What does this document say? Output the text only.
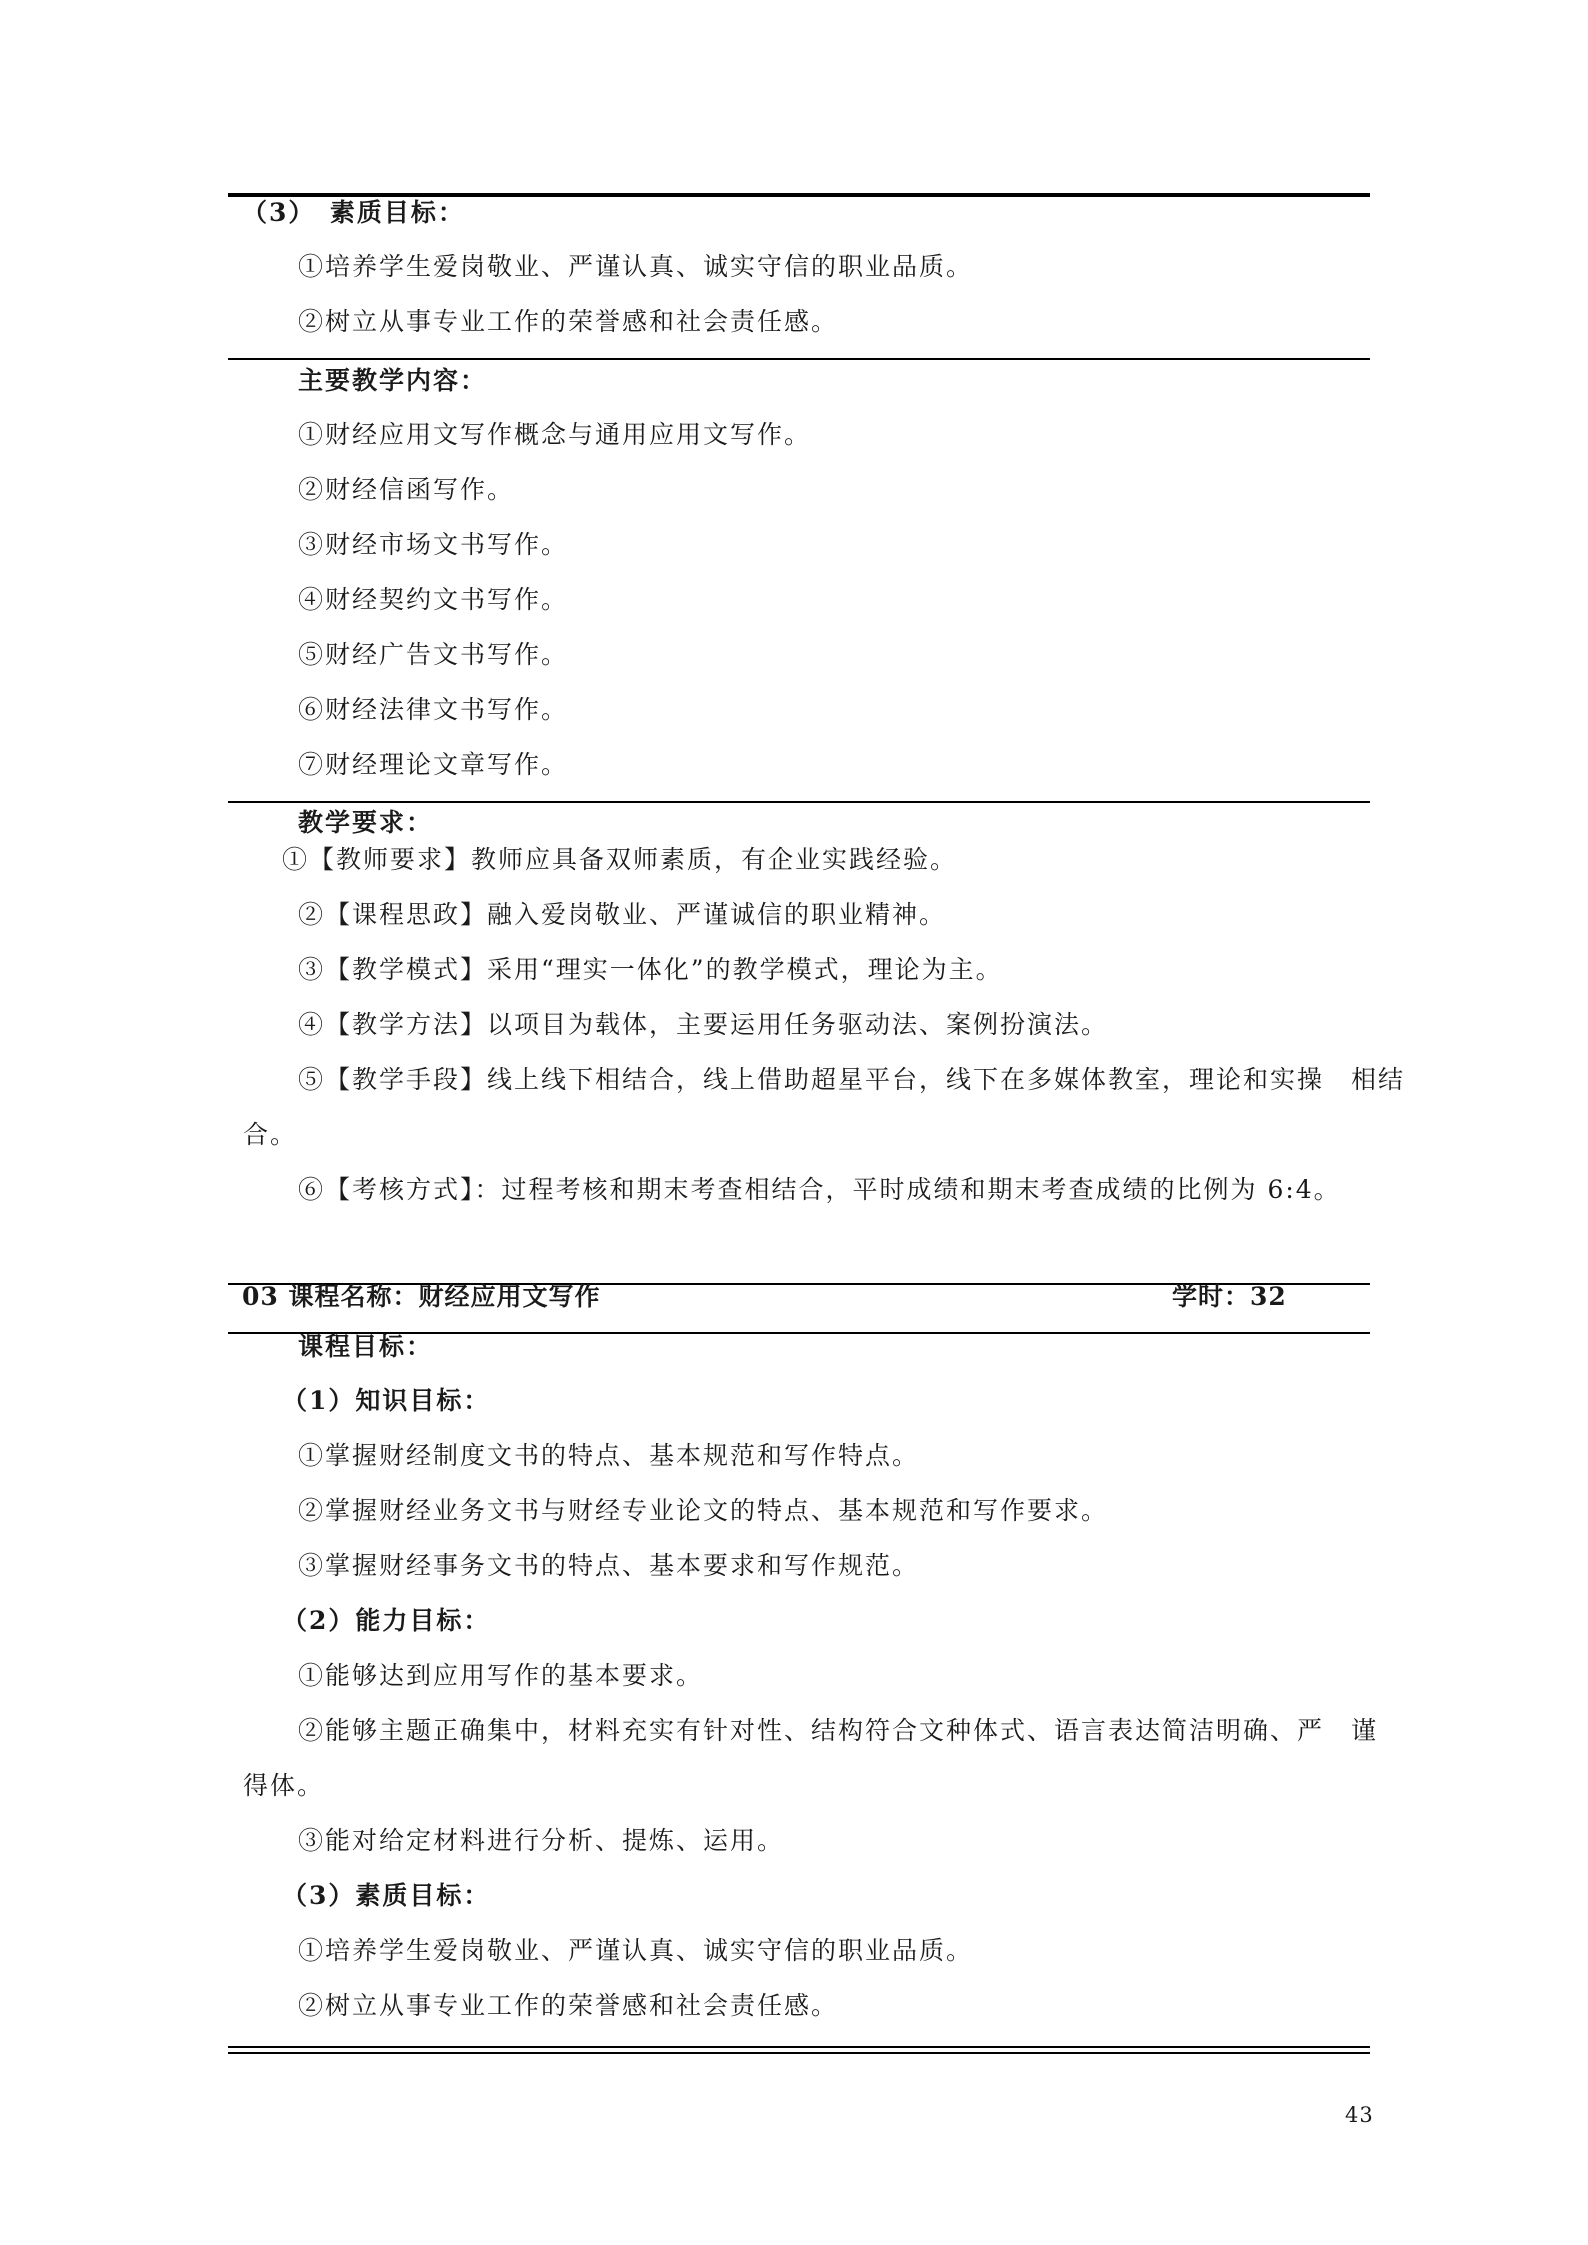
（3）　素质目标：
①培养学生爱岗敬业、严谨认真、诚实守信的职业品质。
②树立从事专业工作的荣誉感和社会责任感。
主要教学内容：
①财经应用文写作概念与通用应用文写作。
②财经信函写作。
③财经市场文书写作。
④财经契约文书写作。
⑤财经广告文书写作。
⑥财经法律文书写作。
⑦财经理论文章写作。
教学要求：
①【教师要求】教师应具备双师素质，有企业实践经验。
②【课程思政】融入爱岗敬业、严谨诚信的职业精神。
③【教学模式】采用“理实一体化”的教学模式，理论为主。
④【教学方法】以项目为载体，主要运用任务驱动法、案例扮演法。
⑤【教学手段】线上线下相结合，线上借助超星平台，线下在多媒体教室，理论和实操　相结
合。
⑥【考核方式】：过程考核和期末考查相结合，平时成绩和期末考查成绩的比例为 6:4。
03 课程名称：财经应用文写作	学时：32
课程目标：
（1）知识目标：
①掌握财经制度文书的特点、基本规范和写作特点。
②掌握财经业务文书与财经专业论文的特点、基本规范和写作要求。
③掌握财经事务文书的特点、基本要求和写作规范。
（2）能力目标：
①能够达到应用写作的基本要求。
②能够主题正确集中，材料充实有针对性、结构符合文种体式、语言表达简洁明确、严　谨
得体。
③能对给定材料进行分析、提炼、运用。
（3）素质目标：
①培养学生爱岗敬业、严谨认真、诚实守信的职业品质。
②树立从事专业工作的荣誉感和社会责任感。
43
